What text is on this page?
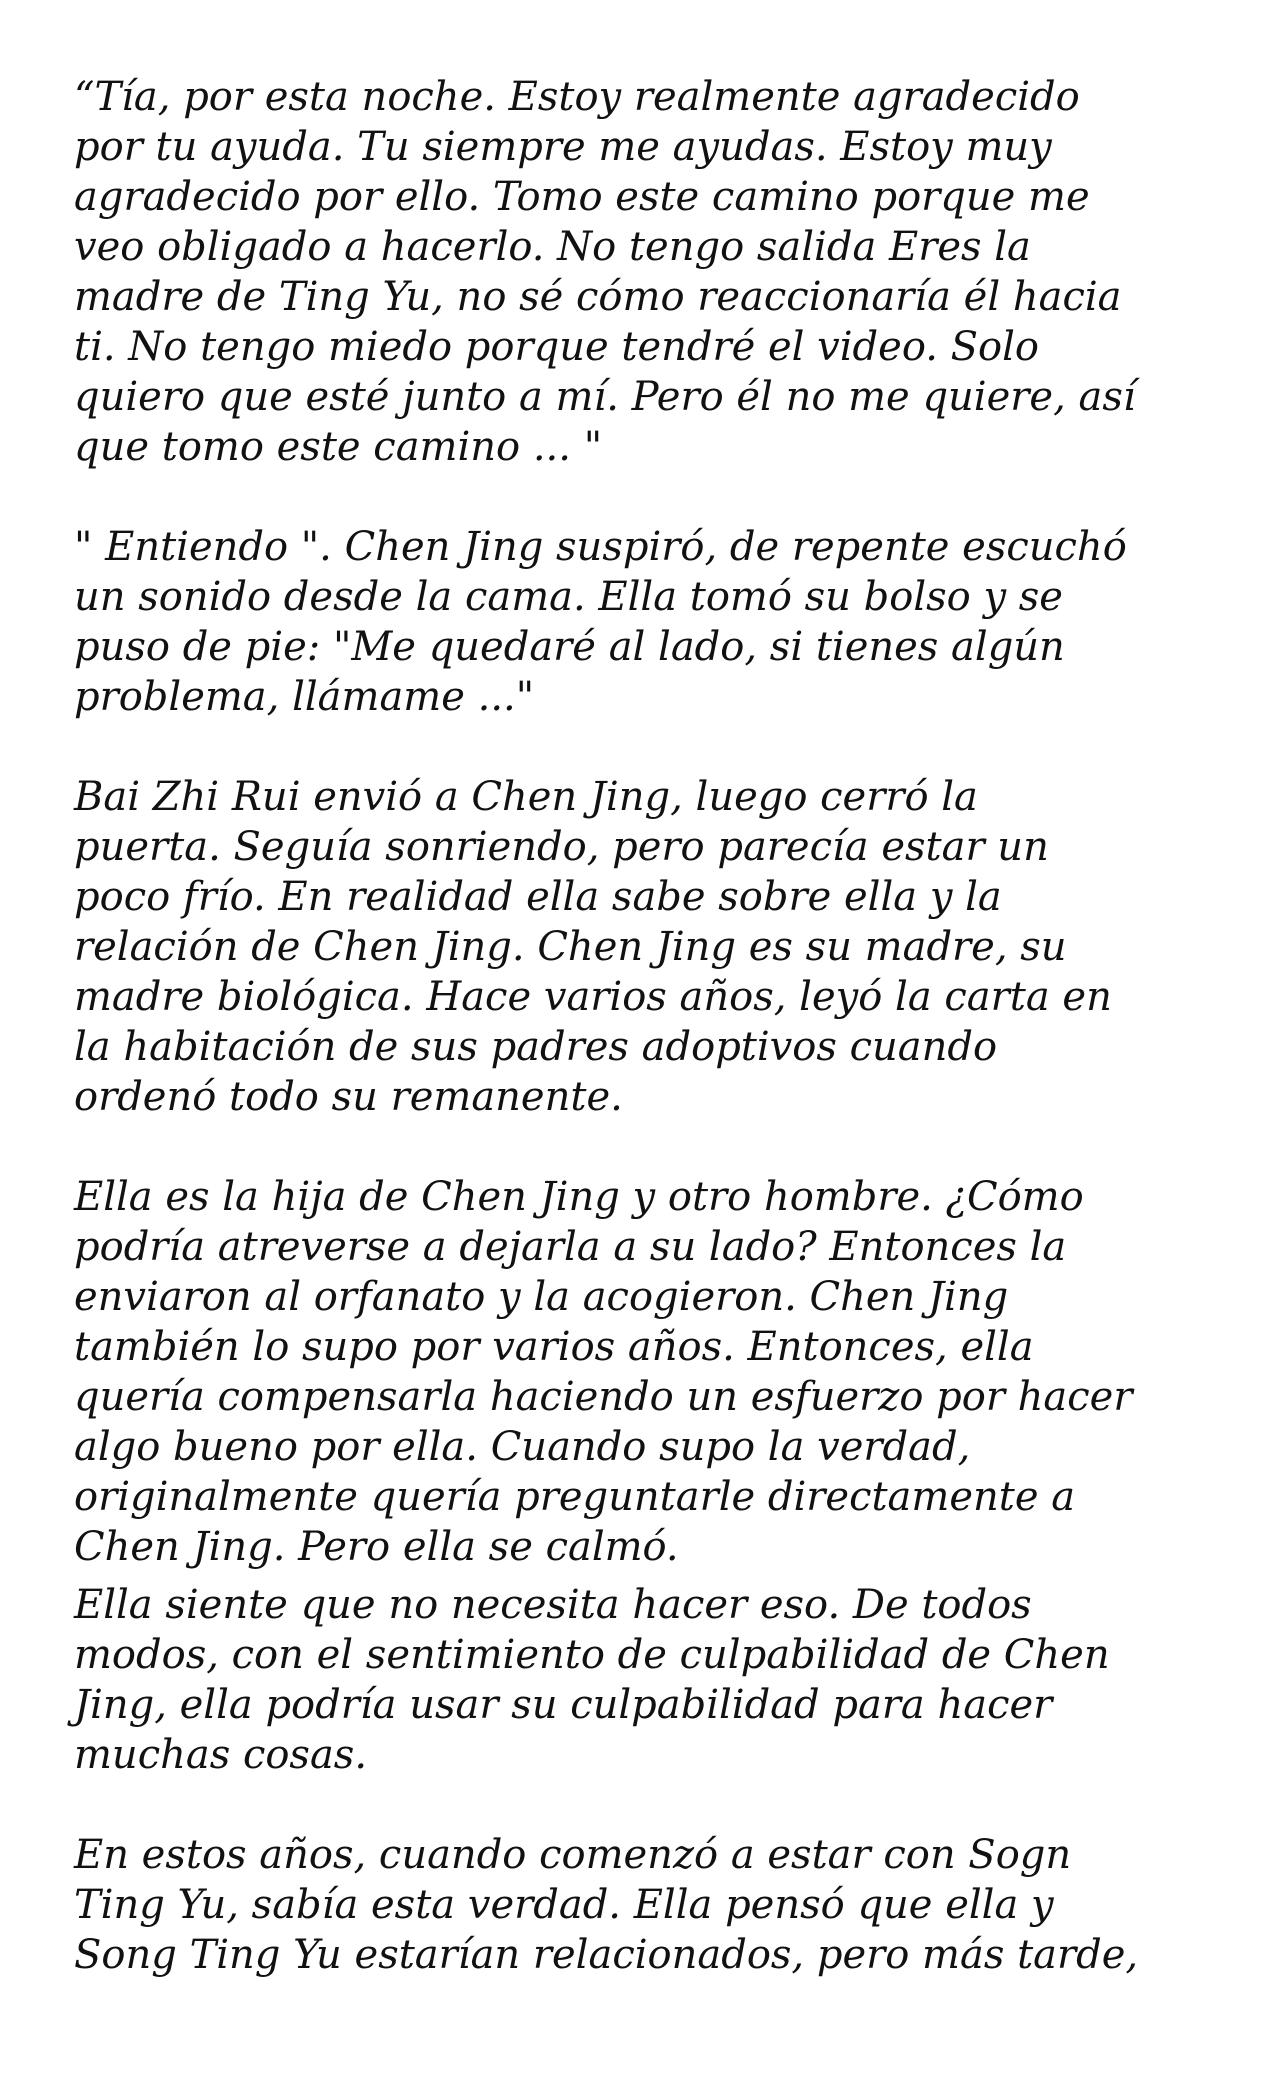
“Tía, por esta noche. Estoy realmente agradecido
por tu ayuda. Tu siempre me ayudas. Estoy muy
agradecido por ello. Tomo este camino porque me
veo obligado a hacerlo. No tengo salida Eres la
madre de Ting Yu, no sé cómo reaccionaría él hacia
ti. No tengo miedo porque tendré el video. Solo
quiero que esté junto a mí. Pero él no me quiere, así
que tomo este camino ... "

" Entiendo ". Chen Jing suspiró, de repente escuchó
un sonido desde la cama. Ella tomó su bolso y se
puso de pie: "Me quedaré al lado, si tienes algún
problema, llámame ..."

Bai Zhi Rui envió a Chen Jing, luego cerró la
puerta. Seguía sonriendo, pero parecía estar un
poco frío. En realidad ella sabe sobre ella y la
relación de Chen Jing. Chen Jing es su madre, su
madre biológica. Hace varios años, leyó la carta en
la habitación de sus padres adoptivos cuando
ordenó todo su remanente.

Ella es la hija de Chen Jing y otro hombre. ¿Cómo
podría atreverse a dejarla a su lado? Entonces la
enviaron al orfanato y la acogieron. Chen Jing
también lo supo por varios años. Entonces, ella
quería compensarla haciendo un esfuerzo por hacer
algo bueno por ella. Cuando supo la verdad,
originalmente quería preguntarle directamente a
Chen Jing. Pero ella se calmó.

Ella siente que no necesita hacer eso. De todos
modos, con el sentimiento de culpabilidad de Chen
Jing, ella podría usar su culpabilidad para hacer
muchas cosas.

En estos años, cuando comenzó a estar con Sogn
Ting Yu, sabía esta verdad. Ella pensó que ella y
Song Ting Yu estarían relacionados, pero más tarde,
